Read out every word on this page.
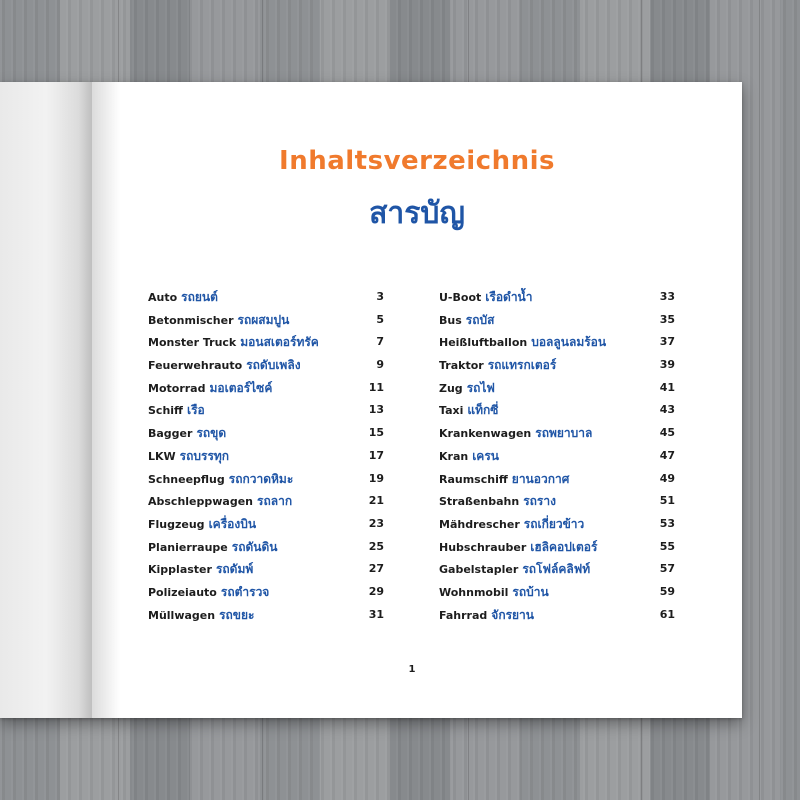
Inhaltsverzeichnis
สารบัญ
Auto รถยนต์	3
Betonmischer รถผสมปูน	5
Monster Truck มอนสเตอร์ทรัค	7
Feuerwehrauto รถดับเพลิง	9
Motorrad มอเตอร์ไซค์	11
Schiff เรือ	13
Bagger รถขุด	15
LKW รถบรรทุก	17
Schneepflug รถกวาดหิมะ	19
Abschleppwagen รถลาก	21
Flugzeug เครื่องบิน	23
Planierraupe รถดันดิน	25
Kipplaster รถดัมพ์	27
Polizeiauto รถตำรวจ	29
Müllwagen รถขยะ	31
U-Boot เรือดำน้ำ	33
Bus รถบัส	35
Heißluftballon บอลลูนลมร้อน	37
Traktor รถแทรกเตอร์	39
Zug รถไฟ	41
Taxi แท็กซี่	43
Krankenwagen รถพยาบาล	45
Kran เครน	47
Raumschiff ยานอวกาศ	49
Straßenbahn รถราง	51
Mähdrescher รถเกี่ยวข้าว	53
Hubschrauber เฮลิคอปเตอร์	55
Gabelstapler รถโฟล์คลิฟท์	57
Wohnmobil รถบ้าน	59
Fahrrad จักรยาน	61
1
